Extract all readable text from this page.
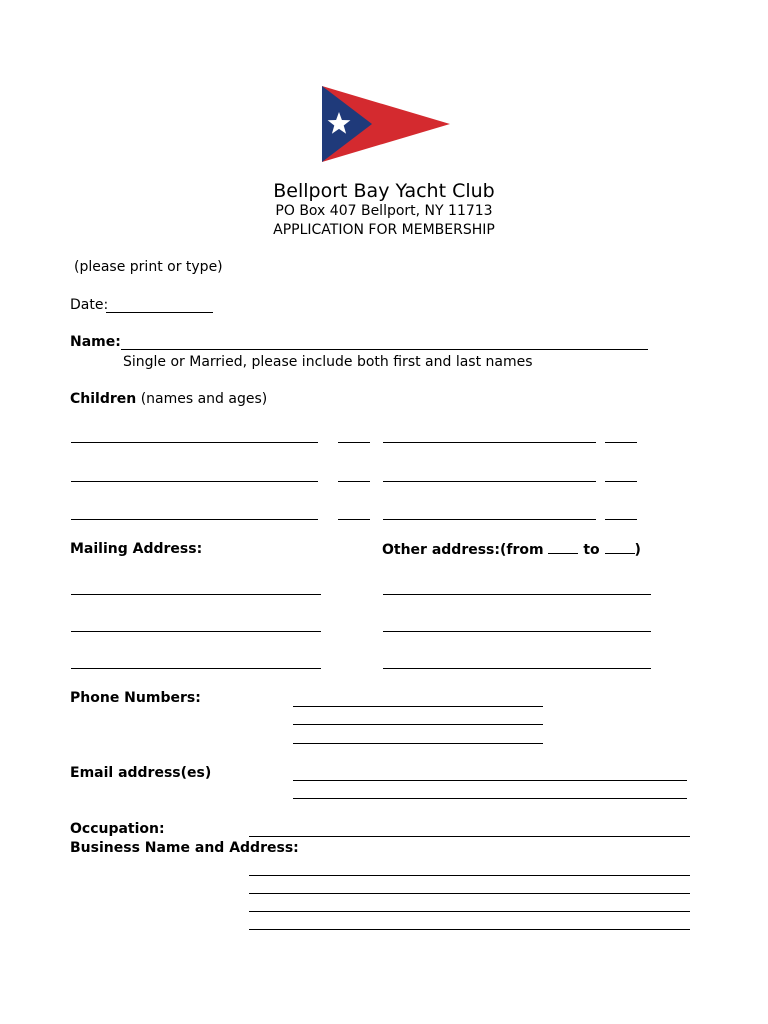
Bellport Bay Yacht Club
PO Box 407 Bellport, NY 11713
APPLICATION FOR MEMBERSHIP
(please print or type)
Date:
Name:
Single or Married, please include both first and last names
Children (names and ages)
Mailing Address:	Other address:(from  to )
Phone Numbers:
Email address(es)
Occupation:
Business Name and Address:
